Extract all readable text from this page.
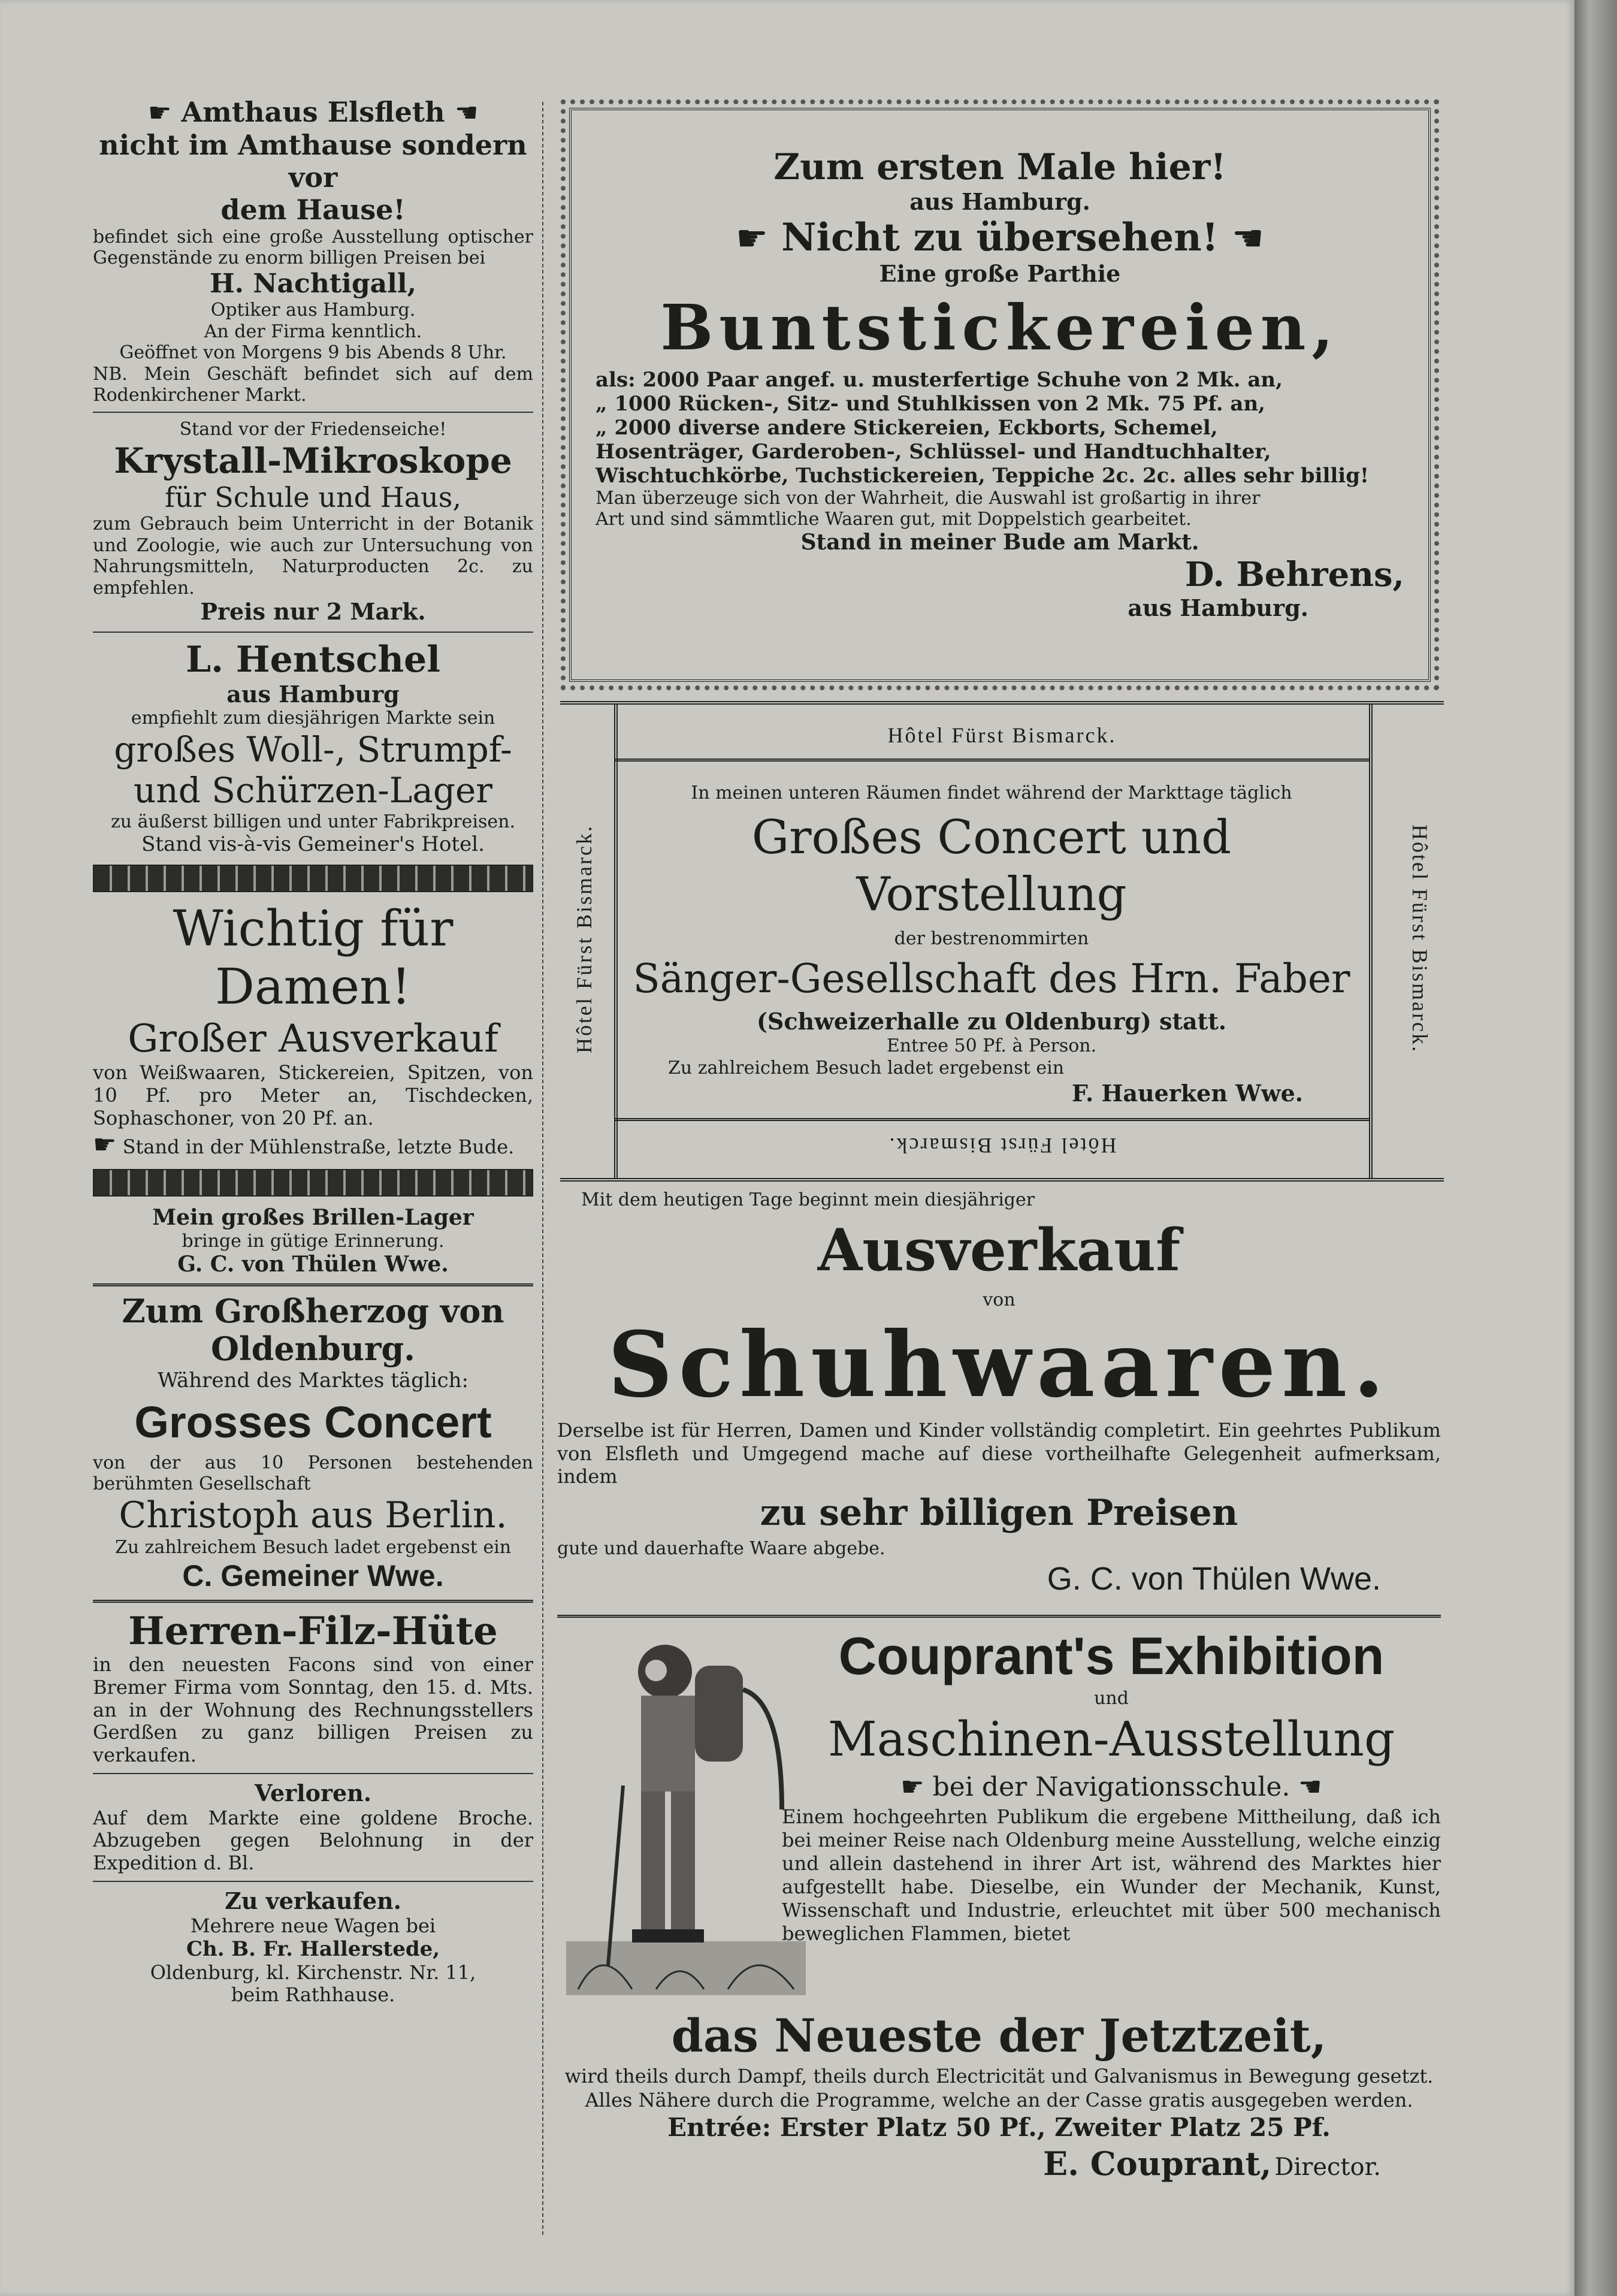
☛ Amthaus Elsfleth ☛

nicht im Amthause sondern vor

dem Hause!

befindet sich eine große Ausstellung optischer Gegenstände zu enorm billigen Preisen bei

H. Nachtigall,

Optiker aus Hamburg.

An der Firma kenntlich.

Geöffnet von Morgens 9 bis Abends 8 Uhr.

NB. Mein Geschäft befindet sich auf dem Rodenkirchener Markt.

Stand vor der Friedenseiche!

Krystall-Mikroskope

für Schule und Haus,

zum Gebrauch beim Unterricht in der Botanik und Zoologie, wie auch zur Untersuchung von Nahrungsmitteln, Naturproducten 2c. zu empfehlen.

Preis nur 2 Mark.

L. Hentschel

aus Hamburg

empfiehlt zum diesjährigen Markte sein

großes Woll-, Strumpf-

und Schürzen-Lager

zu äußerst billigen und unter Fabrikpreisen.

Stand vis-à-vis Gemeiner's Hotel.

Wichtig für Damen!

Großer Ausverkauf

von Weißwaaren, Stickereien, Spitzen, von 10 Pf. pro Meter an, Tischdecken, Sophaschoner, von 20 Pf. an.

☛ Stand in der Mühlenstraße, letzte Bude.

Mein großes Brillen-Lager

bringe in gütige Erinnerung.

G. C. von Thülen Wwe.

Zum Großherzog von

Oldenburg.

Während des Marktes täglich:

Grosses Concert

von der aus 10 Personen bestehenden berühmten Gesellschaft

Christoph aus Berlin.

Zu zahlreichem Besuch ladet ergebenst ein

C. Gemeiner Wwe.

Herren-Filz-Hüte

in den neuesten Facons sind von einer Bremer Firma vom Sonntag, den 15. d. Mts. an in der Wohnung des Rechnungsstellers Gerdßen zu ganz billigen Preisen zu verkaufen.

Verloren.

Auf dem Markte eine goldene Broche. Abzugeben gegen Belohnung in der Expedition d. Bl.

Zu verkaufen.

Mehrere neue Wagen bei

Ch. B. Fr. Hallerstede,

Oldenburg, kl. Kirchenstr. Nr. 11,

beim Rathhause.

Zum ersten Male hier!

aus Hamburg.

☛ Nicht zu übersehen! ☛

Eine große Parthie

Buntstickereien,

als: 2000 Paar angef. u. musterfertige Schuhe von 2 Mk. an,

„ 1000 Rücken-, Sitz- und Stuhlkissen von 2 Mk. 75 Pf. an,

„ 2000 diverse andere Stickereien, Eckborts, Schemel,

Hosenträger, Garderoben-, Schlüssel- und Handtuchhalter,

Wischtuchkörbe, Tuchstickereien, Teppiche 2c. 2c. alles sehr billig!

Man überzeuge sich von der Wahrheit, die Auswahl ist großartig in ihrer

Art und sind sämmtliche Waaren gut, mit Doppelstich gearbeitet.

Stand in meiner Bude am Markt.

D. Behrens,

aus Hamburg.

Hôtel Fürst Bismarck.
Hôtel Fürst Bismarck.
Hôtel Fürst Bismarck.	Hôtel Fürst Bismarck.

In meinen unteren Räumen findet während der Markttage täglich

Großes Concert und Vorstellung

der bestrenommirten

Sänger-Gesellschaft des Hrn. Faber

(Schweizerhalle zu Oldenburg) statt.

Entree 50 Pf. à Person.

Zu zahlreichem Besuch ladet ergebenst ein

F. Hauerken Wwe.

Mit dem heutigen Tage beginnt mein diesjähriger

Ausverkauf

von

Schuhwaaren.

Derselbe ist für Herren, Damen und Kinder vollständig completirt. Ein geehrtes Publikum von Elsfleth und Umgegend mache auf diese vortheilhafte Gelegenheit aufmerksam, indem

zu sehr billigen Preisen

gute und dauerhafte Waare abgebe.

G. C. von Thülen Wwe.

Couprant's Exhibition

und

Maschinen-Ausstellung

☛ bei der Navigationsschule. ☛

Einem hochgeehrten Publikum die ergebene Mittheilung, daß ich bei meiner Reise nach Oldenburg meine Ausstellung, welche einzig und allein dastehend in ihrer Art ist, während des Marktes hier aufgestellt habe. Dieselbe, ein Wunder der Mechanik, Kunst, Wissenschaft und Industrie, erleuchtet mit über 500 mechanisch beweglichen Flammen, bietet

das Neueste der Jetztzeit,

wird theils durch Dampf, theils durch Electricität und Galvanismus in Bewegung gesetzt.

Alles Nähere durch die Programme, welche an der Casse gratis ausgegeben werden.

Entrée: Erster Platz 50 Pf., Zweiter Platz 25 Pf.

E. Couprant, Director.
